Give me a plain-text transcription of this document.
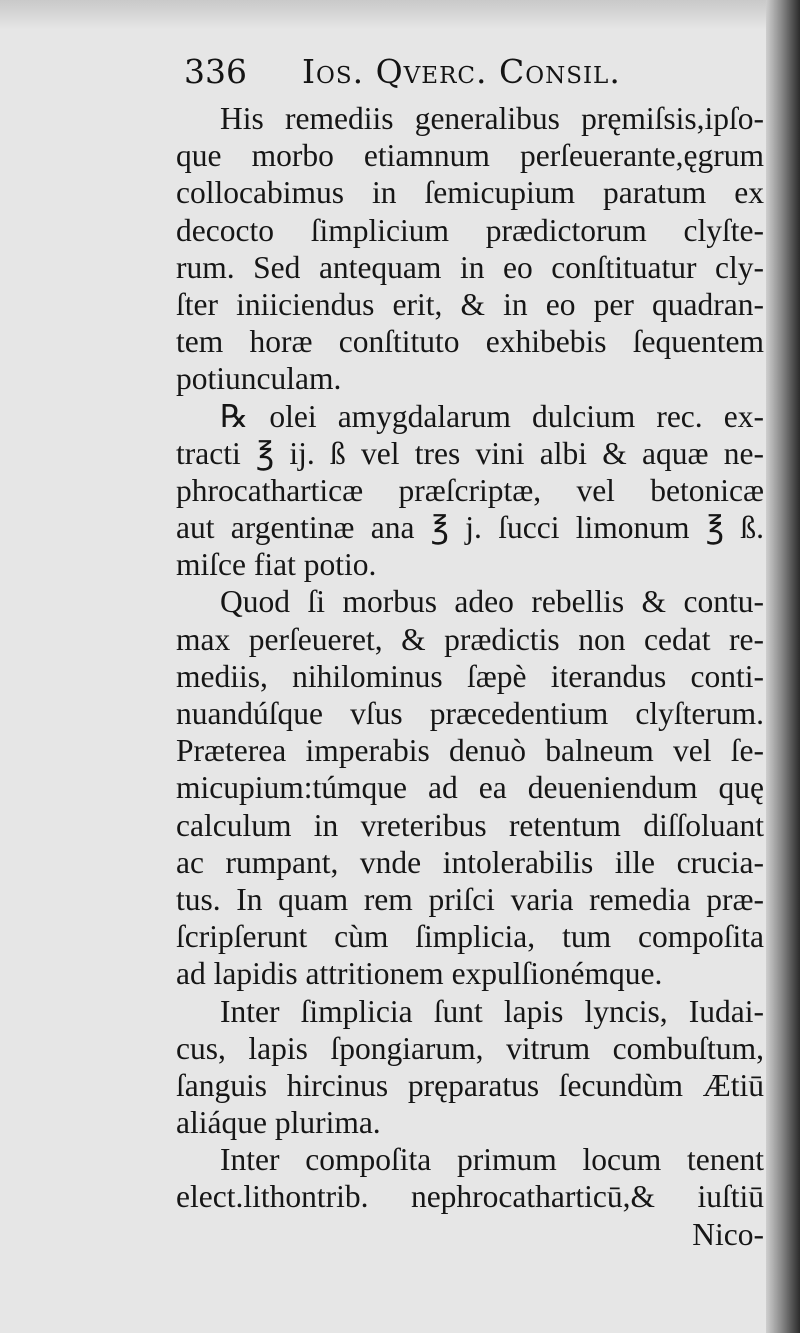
336 Ios. Qverc. Consil.
His remediis generalibus pręmiſsis,ipſo-
que morbo etiamnum perſeuerante,ęgrum
collocabimus in ſemicupium paratum ex
decocto ſimplicium prædictorum clyſte-
rum. Sed antequam in eo conſtituatur cly-
ſter iniiciendus erit, & in eo per quadran-
tem horæ conſtituto exhibebis ſequentem
potiunculam.
℞ olei amygdalarum dulcium rec. ex-
tracti ℥ ij. ß vel tres vini albi & aquæ ne-
phrocatharticæ præſcriptæ, vel betonicæ
aut argentinæ ana ℥ j. ſucci limonum ℥ ß.
miſce fiat potio.
Quod ſi morbus adeo rebellis & contu-
max perſeueret, & prædictis non cedat re-
mediis, nihilominus ſæpè iterandus conti-
nuandúſque vſus præcedentium clyſterum.
Præterea imperabis denuò balneum vel ſe-
micupium:túmque ad ea deueniendum quę
calculum in vreteribus retentum diſſoluant
ac rumpant, vnde intolerabilis ille crucia-
tus. In quam rem priſci varia remedia præ-
ſcripſerunt cùm ſimplicia, tum compoſita
ad lapidis attritionem expulſionémque.
Inter ſimplicia ſunt lapis lyncis, Iudai-
cus, lapis ſpongiarum, vitrum combuſtum,
ſanguis hircinus pręparatus ſecundùm Ætiū
aliáque plurima.
Inter compoſita primum locum tenent
elect.lithontrib. nephrocatharticū,& iuſtiū
Nico-
